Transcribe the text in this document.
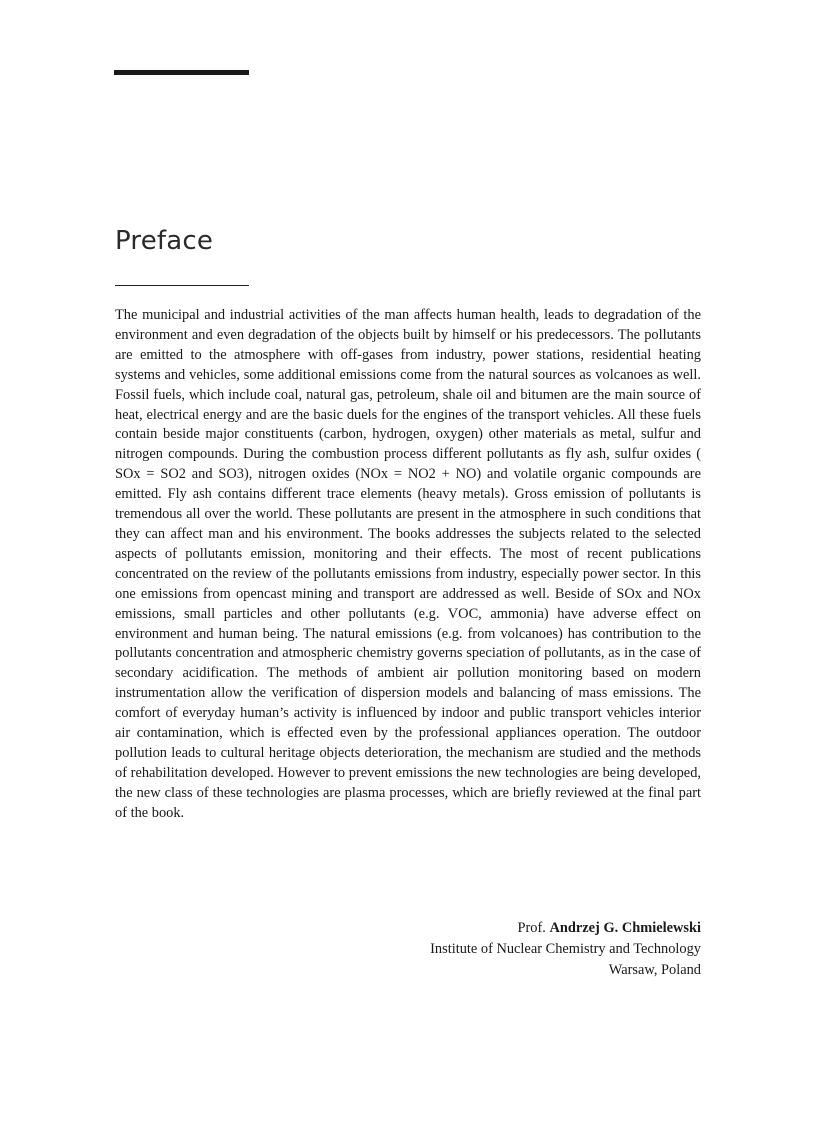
Preface

The municipal and industrial activities of the man affects human health, leads to degradation of the environment and even degradation of the objects built by himself or his predecessors. The pollutants are emitted to the atmosphere with off-gases from industry, power stations, residential heating systems and vehicles, some additional emissions come from the natural sources as volcanoes as well. Fossil fuels, which include coal, natural gas, petroleum, shale oil and bitumen are the main source of heat, electrical energy and are the basic duels for the engines of the transport vehicles. All these fuels contain beside major constituents (carbon, hydrogen, oxygen) other materials as metal, sulfur and nitrogen compounds. During the combustion process different pollutants as fly ash, sulfur oxides ( SOx = SO2 and SO3), nitrogen oxides (NOx = NO2 + NO) and volatile organic compounds are emitted. Fly ash contains different trace elements (heavy metals). Gross emission of pollutants is tremendous all over the world. These pollutants are present in the atmosphere in such conditions that they can affect man and his environment. The books addresses the subjects related to the selected aspects of pollutants emission, monitoring and their effects. The most of recent publications concentrated on the review of the pollutants emissions from industry, especially power sector. In this one emissions from opencast mining and transport are addressed as well. Beside of SOx and NOx emissions, small particles and other pollutants (e.g. VOC, ammonia) have adverse effect on environment and human being. The natural emissions (e.g. from volcanoes) has contribution to the pollutants concentration and atmospheric chemistry governs speciation of pollutants, as in the case of secondary acidification. The methods of ambient air pollution monitoring based on modern instrumentation allow the verification of dispersion models and balancing of mass emissions. The comfort of everyday human’s activity is influenced by indoor and public transport vehicles interior air contamination, which is effected even by the professional appliances operation. The outdoor pollution leads to cultural heritage objects deterioration, the mechanism are studied and the methods of rehabilitation developed. However to prevent emissions the new technologies are being developed, the new class of these technologies are plasma processes, which are briefly reviewed at the final part of the book.

Prof. Andrzej G. Chmielewski
Institute of Nuclear Chemistry and Technology
Warsaw, Poland
